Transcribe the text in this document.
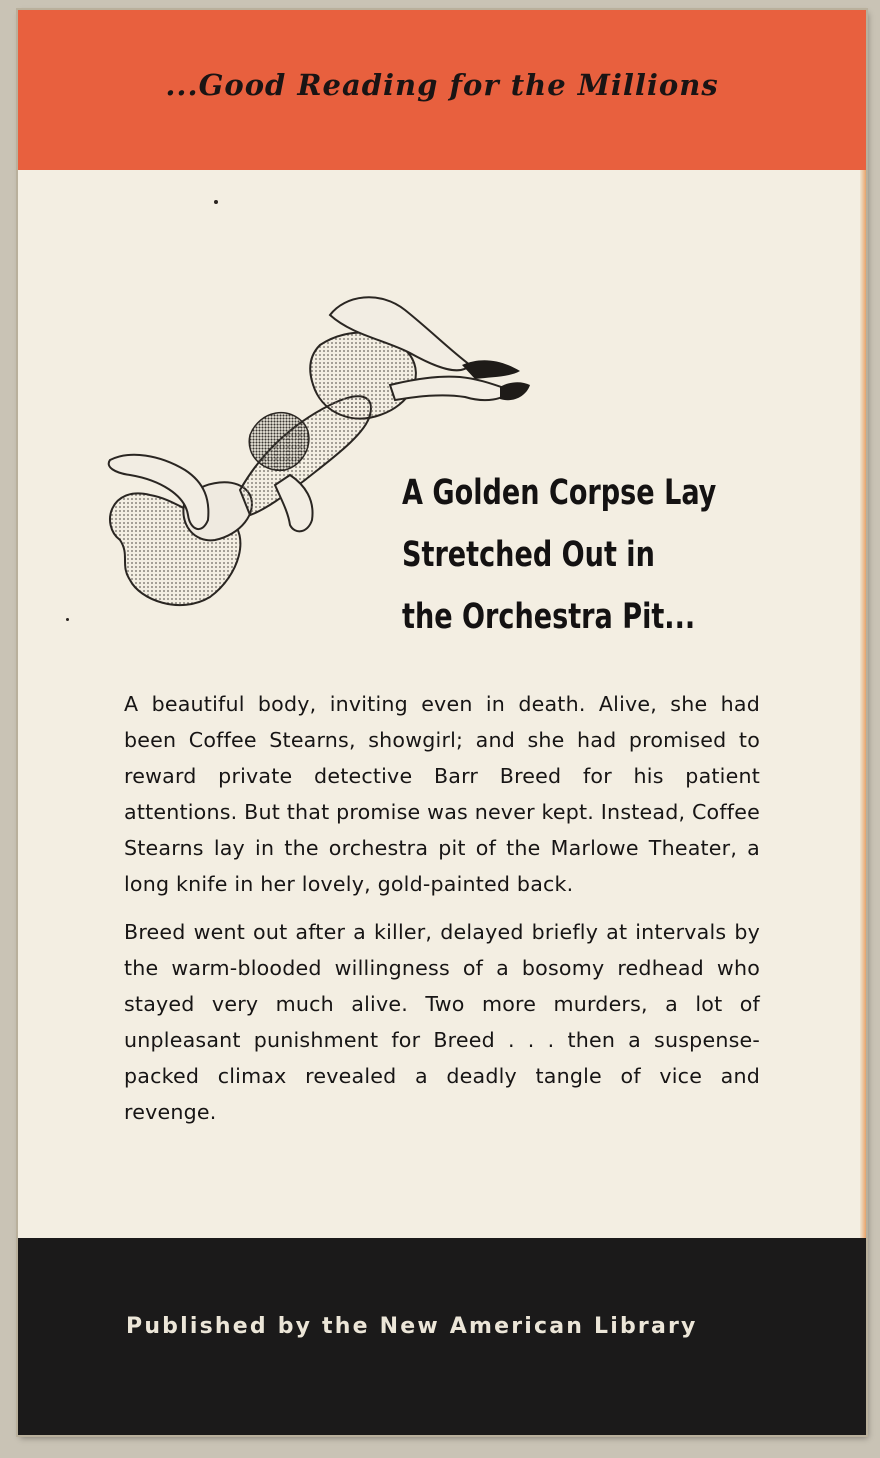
...Good Reading for the Millions
A Golden Corpse Lay
Stretched Out in
the Orchestra Pit...

A beautiful body, inviting even in death. Alive, she had been Coffee Stearns, showgirl; and she had promised to reward private detective Barr Breed for his patient attentions. But that promise was never kept. Instead, Coffee Stearns lay in the orchestra pit of the Marlowe Theater, a long knife in her lovely, gold-painted back.

Breed went out after a killer, delayed briefly at intervals by the warm-blooded willingness of a bosomy redhead who stayed very much alive. Two more murders, a lot of unpleasant punishment for Breed . . . then a suspense-packed climax revealed a deadly tangle of vice and revenge.

Published by the New American Library
